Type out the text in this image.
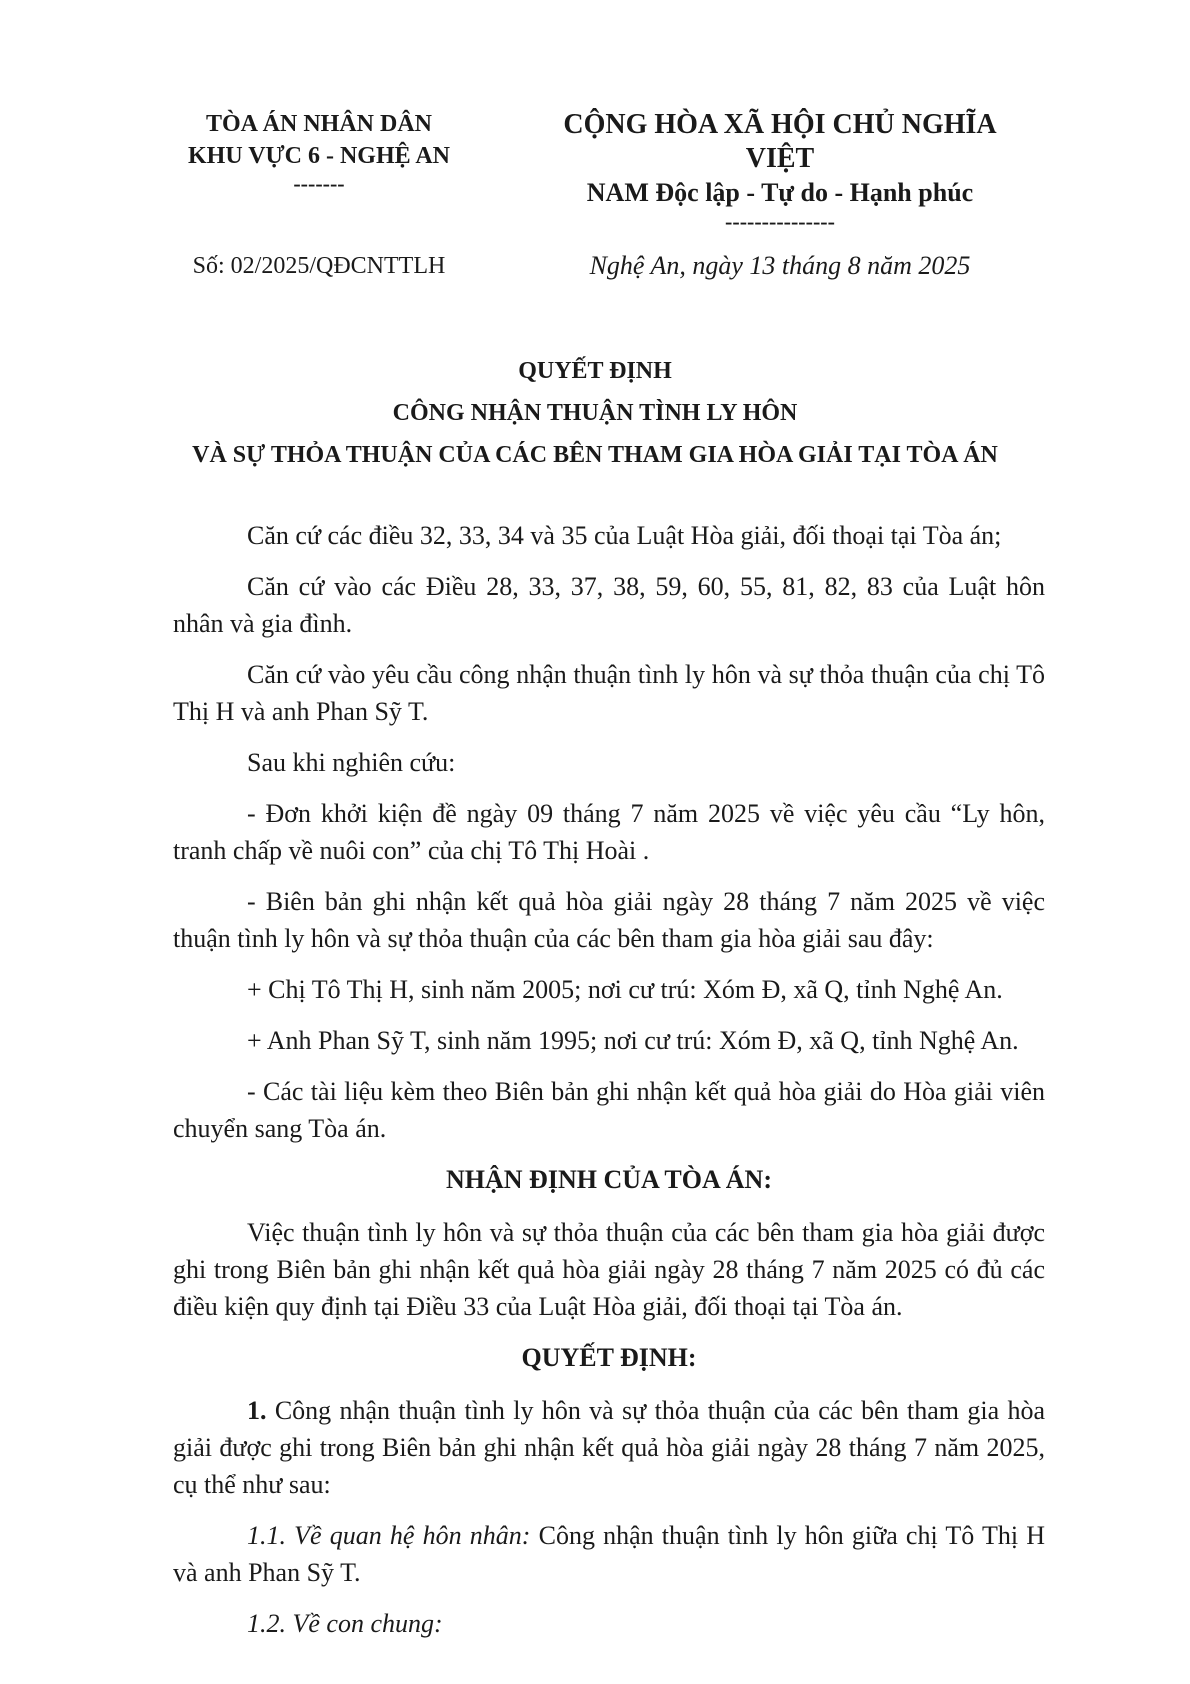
TÒA ÁN NHÂN DÂN
KHU VỰC 6 - NGHỆ AN
-------
CỘNG HÒA XÃ HỘI CHỦ NGHĨA VIỆT
NAM Độc lập - Tự do - Hạnh phúc
---------------
Số: 02/2025/QĐCNTTLH	Nghệ An, ngày 13 tháng 8 năm 2025
QUYẾT ĐỊNH
CÔNG NHẬN THUẬN TÌNH LY HÔN
VÀ SỰ THỎA THUẬN CỦA CÁC BÊN THAM GIA HÒA GIẢI TẠI TÒA ÁN

Căn cứ các điều 32, 33, 34 và 35 của Luật Hòa giải, đối thoại tại Tòa án;

Căn cứ vào các Điều 28, 33, 37, 38, 59, 60, 55, 81, 82, 83 của Luật hôn nhân và gia đình.

Căn cứ vào yêu cầu công nhận thuận tình ly hôn và sự thỏa thuận của chị Tô Thị H và anh Phan Sỹ T.

Sau khi nghiên cứu:

- Đơn khởi kiện đề ngày 09 tháng 7 năm 2025 về việc yêu cầu “Ly hôn, tranh chấp về nuôi con” của chị Tô Thị Hoài .

- Biên bản ghi nhận kết quả hòa giải ngày 28 tháng 7 năm 2025 về việc thuận tình ly hôn và sự thỏa thuận của các bên tham gia hòa giải sau đây:

+ Chị Tô Thị H, sinh năm 2005; nơi cư trú: Xóm Đ, xã Q, tỉnh Nghệ An.

+ Anh Phan Sỹ T, sinh năm 1995; nơi cư trú: Xóm Đ, xã Q, tỉnh Nghệ An.

- Các tài liệu kèm theo Biên bản ghi nhận kết quả hòa giải do Hòa giải viên chuyển sang Tòa án.

NHẬN ĐỊNH CỦA TÒA ÁN:

Việc thuận tình ly hôn và sự thỏa thuận của các bên tham gia hòa giải được ghi trong Biên bản ghi nhận kết quả hòa giải ngày 28 tháng 7 năm 2025 có đủ các điều kiện quy định tại Điều 33 của Luật Hòa giải, đối thoại tại Tòa án.

QUYẾT ĐỊNH:

1. Công nhận thuận tình ly hôn và sự thỏa thuận của các bên tham gia hòa giải được ghi trong Biên bản ghi nhận kết quả hòa giải ngày 28 tháng 7 năm 2025, cụ thể như sau:

1.1. Về quan hệ hôn nhân: Công nhận thuận tình ly hôn giữa chị Tô Thị H và anh Phan Sỹ T.

1.2. Về con chung:
